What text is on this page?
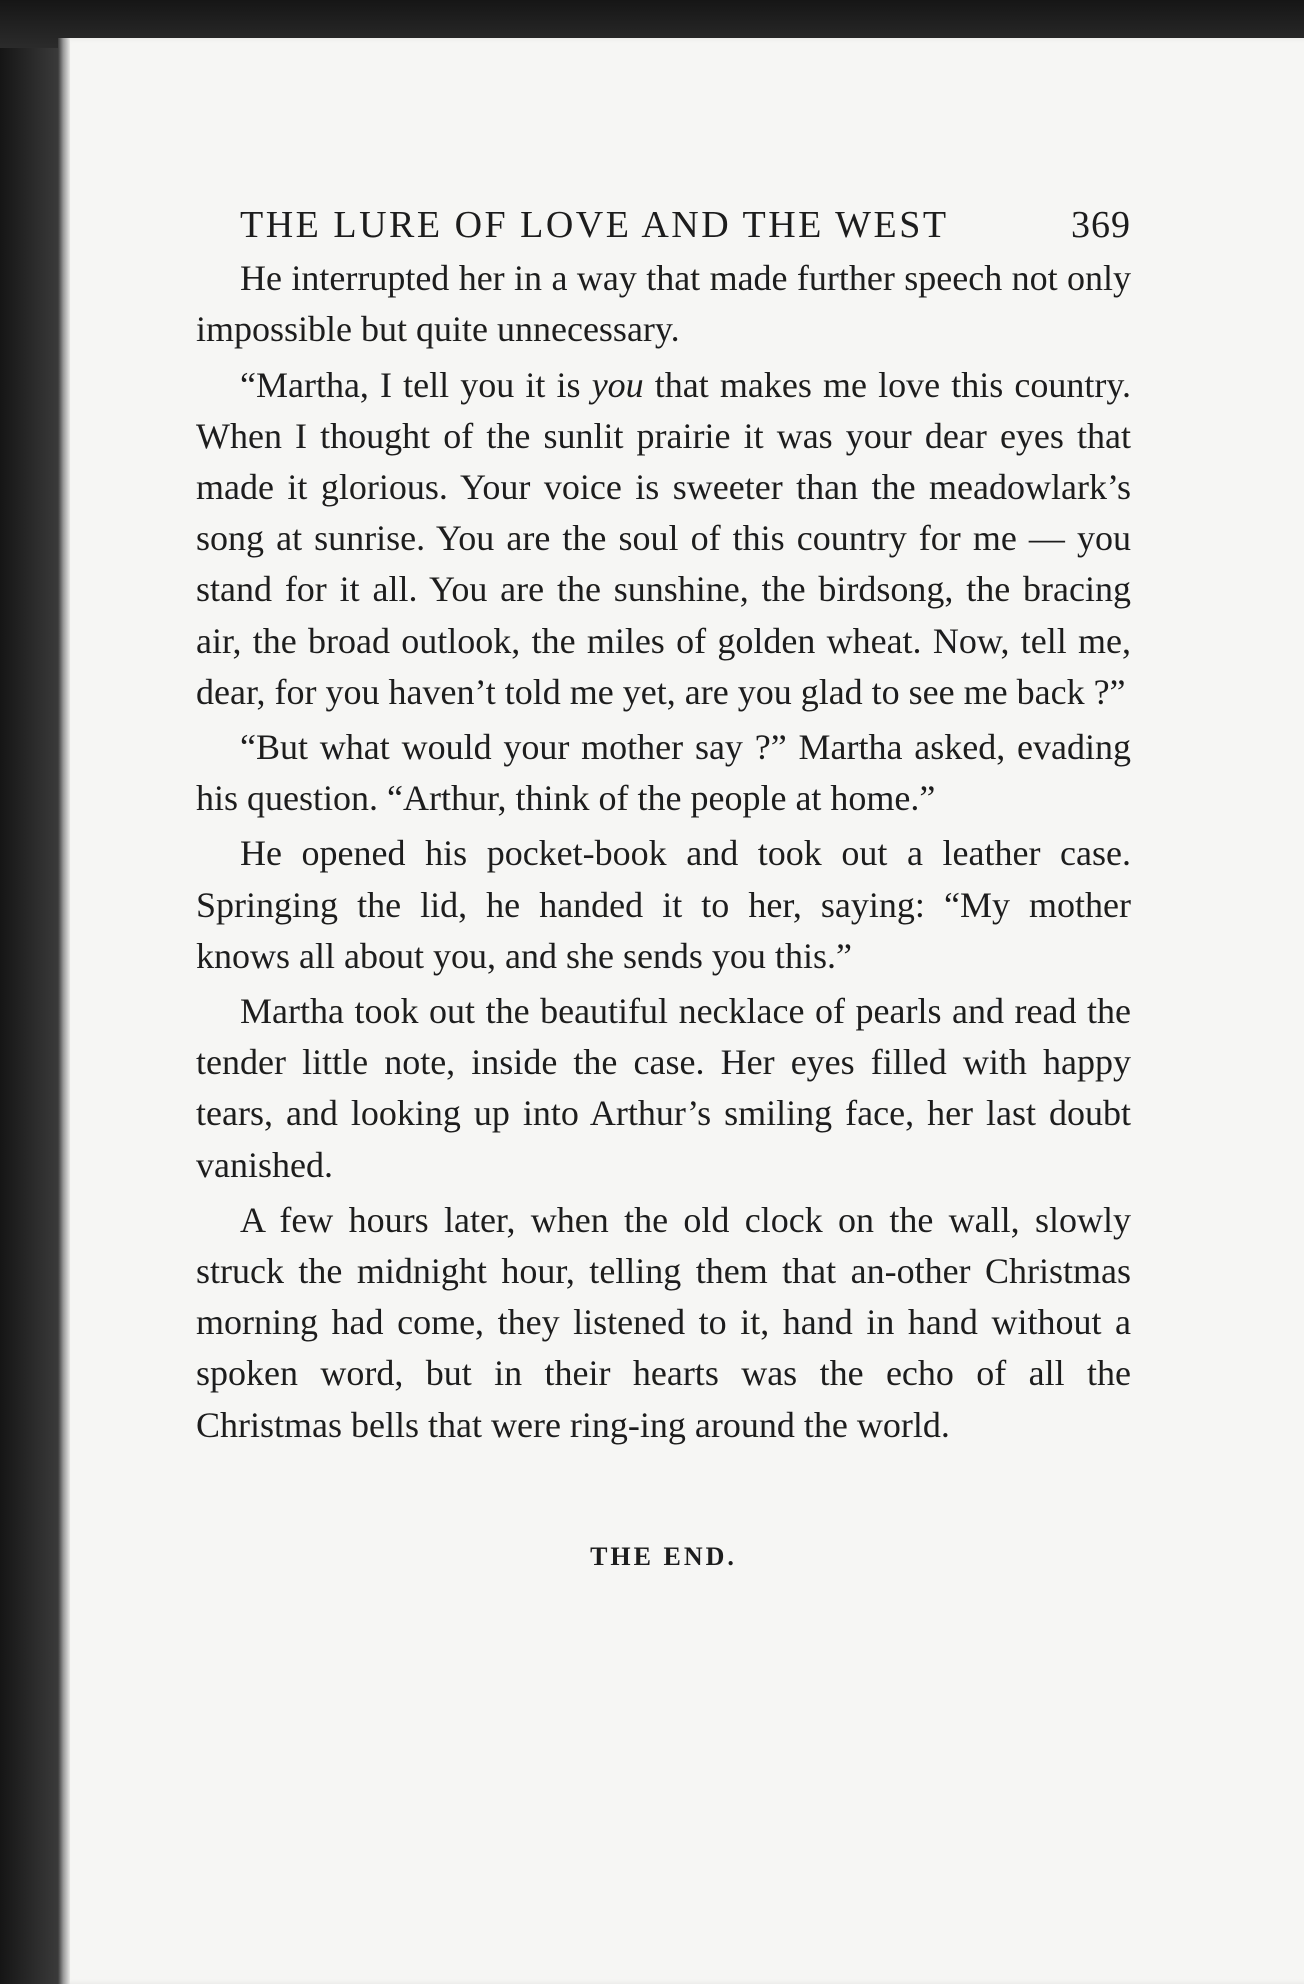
THE LURE OF LOVE AND THE WEST	369

He interrupted her in a way that made further speech not only impossible but quite unnecessary.

“Martha, I tell you it is you that makes me love this country. When I thought of the sunlit prairie it was your dear eyes that made it glorious. Your voice is sweeter than the meadowlark’s song at sunrise. You are the soul of this country for me — you stand for it all. You are the sunshine, the birdsong, the bracing air, the broad outlook, the miles of golden wheat. Now, tell me, dear, for you haven’t told me yet, are you glad to see me back ?”

“But what would your mother say ?” Martha asked, evading his question. “Arthur, think of the people at home.”

He opened his pocket-book and took out a leather case. Springing the lid, he handed it to her, saying: “My mother knows all about you, and she sends you this.”

Martha took out the beautiful necklace of pearls and read the tender little note, inside the case. Her eyes filled with happy tears, and looking up into Arthur’s smiling face, her last doubt vanished.

A few hours later, when the old clock on the wall, slowly struck the midnight hour, telling them that an-other Christmas morning had come, they listened to it, hand in hand without a spoken word, but in their hearts was the echo of all the Christmas bells that were ring-ing around the world.

THE END.
